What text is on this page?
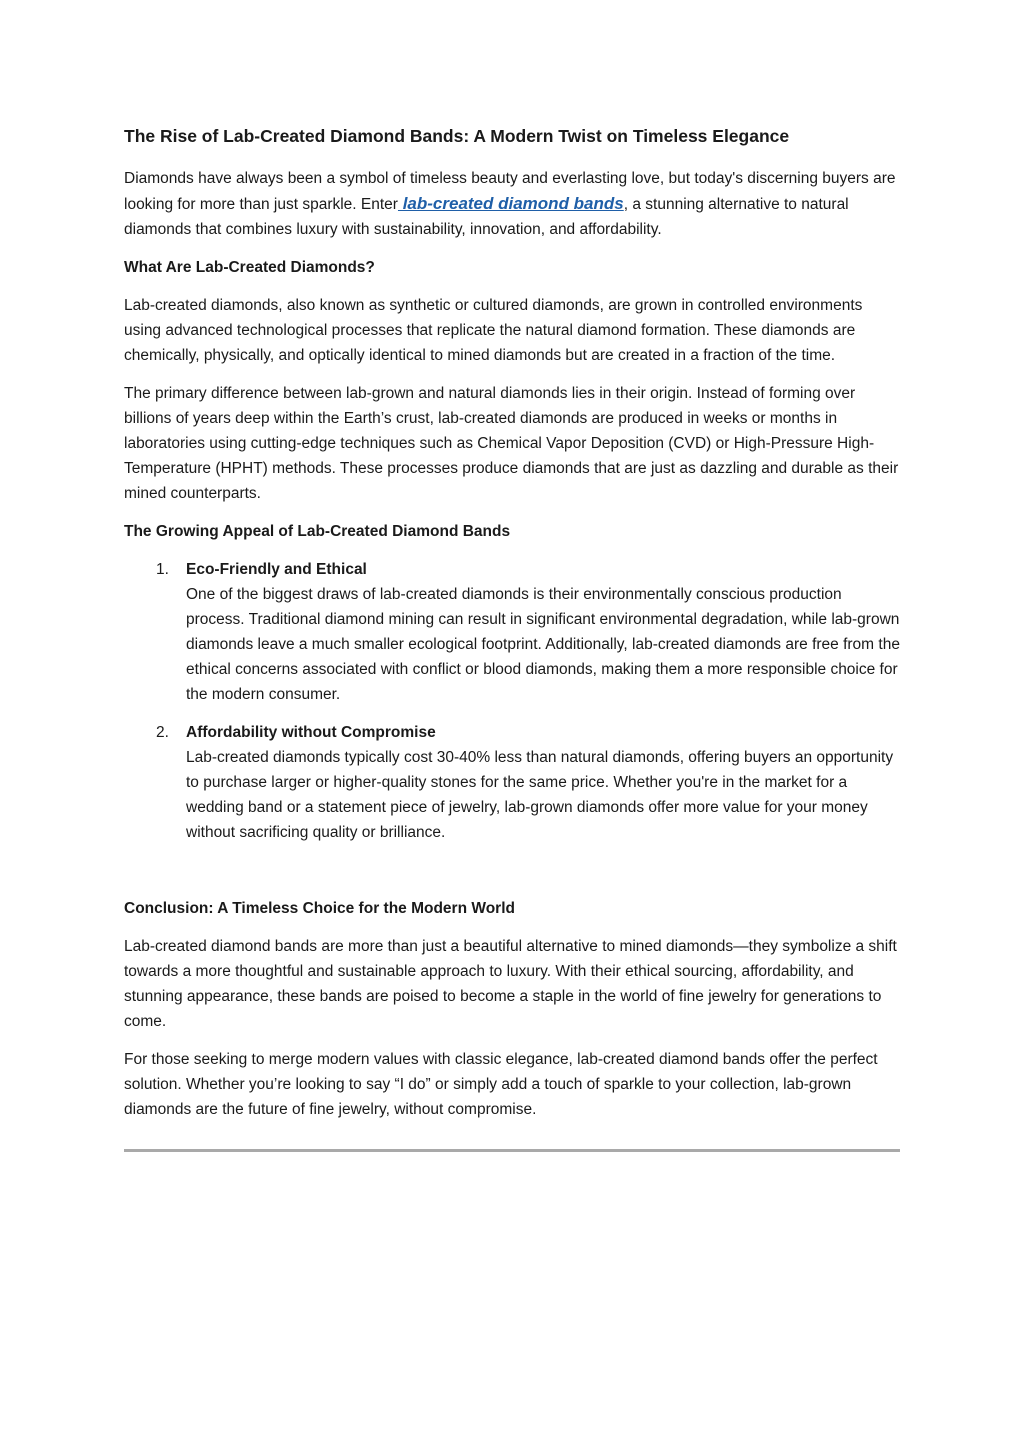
The Rise of Lab-Created Diamond Bands: A Modern Twist on Timeless Elegance

Diamonds have always been a symbol of timeless beauty and everlasting love, but today's discerning buyers are looking for more than just sparkle. Enter lab-created diamond bands, a stunning alternative to natural diamonds that combines luxury with sustainability, innovation, and affordability.

What Are Lab-Created Diamonds?

Lab-created diamonds, also known as synthetic or cultured diamonds, are grown in controlled environments using advanced technological processes that replicate the natural diamond formation. These diamonds are chemically, physically, and optically identical to mined diamonds but are created in a fraction of the time.

The primary difference between lab-grown and natural diamonds lies in their origin. Instead of forming over billions of years deep within the Earth’s crust, lab-created diamonds are produced in weeks or months in laboratories using cutting-edge techniques such as Chemical Vapor Deposition (CVD) or High-Pressure High-Temperature (HPHT) methods. These processes produce diamonds that are just as dazzling and durable as their mined counterparts.

The Growing Appeal of Lab-Created Diamond Bands
1. Eco-Friendly and Ethical
One of the biggest draws of lab-created diamonds is their environmentally conscious production process. Traditional diamond mining can result in significant environmental degradation, while lab-grown diamonds leave a much smaller ecological footprint. Additionally, lab-created diamonds are free from the ethical concerns associated with conflict or blood diamonds, making them a more responsible choice for the modern consumer.
2. Affordability without Compromise
Lab-created diamonds typically cost 30-40% less than natural diamonds, offering buyers an opportunity to purchase larger or higher-quality stones for the same price. Whether you're in the market for a wedding band or a statement piece of jewelry, lab-grown diamonds offer more value for your money without sacrificing quality or brilliance.
Conclusion: A Timeless Choice for the Modern World

Lab-created diamond bands are more than just a beautiful alternative to mined diamonds—they symbolize a shift towards a more thoughtful and sustainable approach to luxury. With their ethical sourcing, affordability, and stunning appearance, these bands are poised to become a staple in the world of fine jewelry for generations to come.

For those seeking to merge modern values with classic elegance, lab-created diamond bands offer the perfect solution. Whether you’re looking to say “I do” or simply add a touch of sparkle to your collection, lab-grown diamonds are the future of fine jewelry, without compromise.
